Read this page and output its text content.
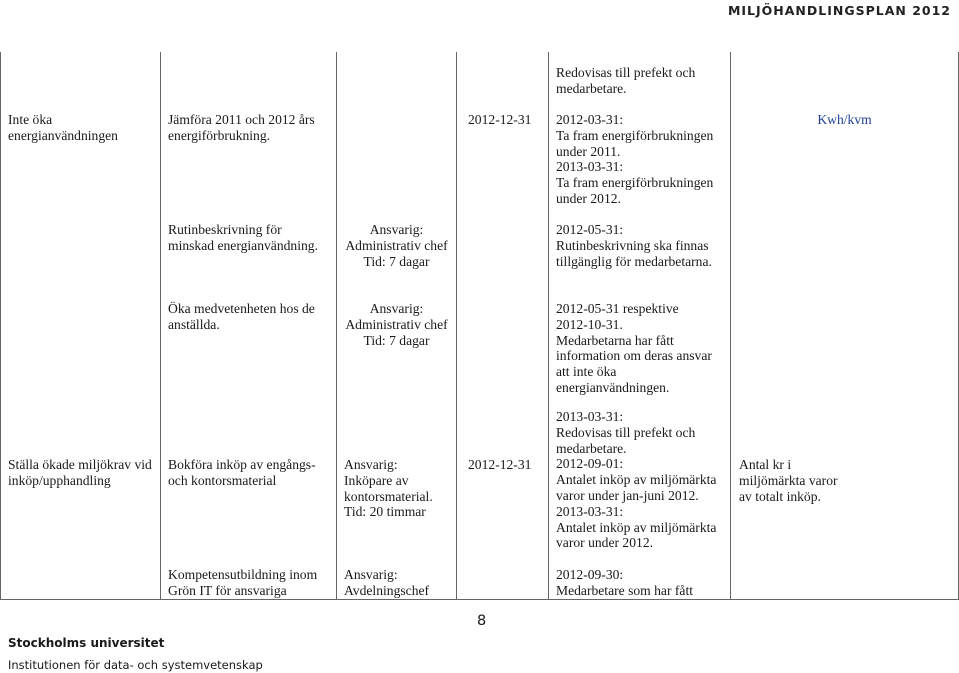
MILJÖHANDLINGSPLAN 2012
Redovisas till prefekt och
medarbetare.
Inte öka
energianvändningen
Jämföra 2011 och 2012 års
energiförbrukning.
2012-12-31 2012-03-31:
Ta fram energiförbrukningen
under 2011.
2013-03-31:
Ta fram energiförbrukningen
under 2012.
Kwh/kvm
Rutinbeskrivning för
minskad energianvändning.
Ansvarig:
Administrativ chef
Tid: 7 dagar
2012-05-31:
Rutinbeskrivning ska finnas
tillgänglig för medarbetarna.
Öka medvetenheten hos de
anställda.
Ansvarig:
Administrativ chef
Tid: 7 dagar
2012-05-31 respektive
2012-10-31.
Medarbetarna har fått
information om deras ansvar
att inte öka
energianvändningen.
Ställa ökade miljökrav vid
inköp/upphandling
Bokföra inköp av engångs-
och kontorsmaterial
Ansvarig:
Inköpare av
kontorsmaterial.
Tid: 20 timmar
2012-12-31
2013-03-31:
Redovisas till prefekt och
medarbetare.
2012-09-01:
Antalet inköp av miljömärkta
varor under jan-juni 2012.
2013-03-31:
Antalet inköp av miljömärkta
varor under 2012.
Antal kr i
miljömärkta varor
av totalt inköp.
Kompetensutbildning inom
Grön IT för ansvariga
Ansvarig:
Avdelningschef
2012-09-30:
Medarbetare som har fått
8
Stockholms universitet
Institutionen för data- och systemvetenskap
